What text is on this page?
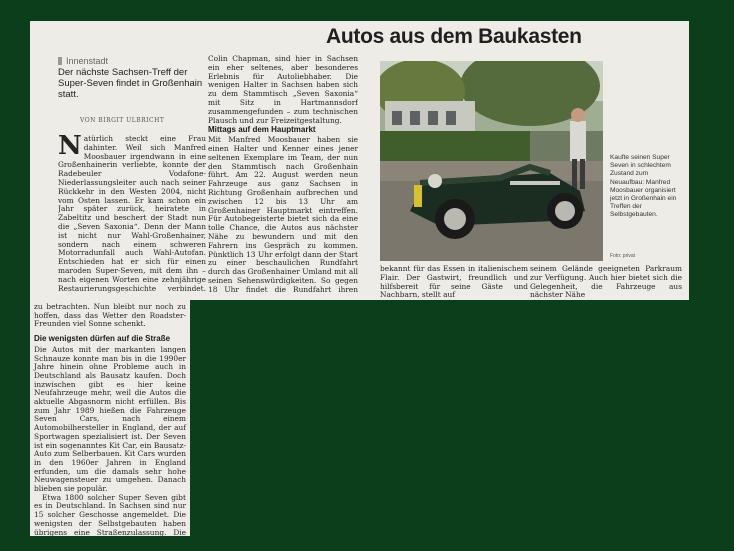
Autos aus dem Baukasten
Innenstadt
Der nächste Sachsen-Treff der Super-Seven findet in Großenhain statt.
VON BIRGIT ULBRICHT
Natürlich steckt eine Frau dahinter. Weil sich Manfred Moosbauer irgendwann in eine Großenhainerin verliebte, konnte der Radebeuler Vodafone-Niederlassungsleiter auch nach seiner Rückkehr in den Westen 2004, nicht vom Osten lassen. Er kam schon ein Jahr später zurück, heiratete in Zabeltitz und beschert der Stadt nun die „Seven Saxonia“. Denn der Mann ist nicht nur Wahl-Großenhainer, sondern nach einem schweren Motorradunfall auch Wahl-Autofan. Entschieden hat er sich für einen maroden Super-Seven, mit dem ihn – nach eigenen Worten eine zehnjährige Restaurierungsgeschichte verbindet.
Colin Chapman, sind hier in Sachsen ein eher seltenes, aber besonderes Erlebnis für Autoliebhaber. Die wenigen Halter in Sachsen haben sich zu dem Stammtisch „Seven Saxonia“ mit Sitz in Hartmannsdorf zusammengefunden – zum technischen Plausch und zur Freizeitgestaltung.
Mittags auf dem Hauptmarkt
Mit Manfred Moosbauer haben sie einen Halter und Kenner eines jener seltenen Exemplare im Team, der nun den Stammtisch nach Großenhain führt. Am 22. August werden neun Fahrzeuge aus ganz Sachsen in Richtung Großenhain aufbrechen und zwischen 12 bis 13 Uhr am Großenhainer Hauptmarkt eintreffen. Für Autobegeisterte bietet sich da eine tolle Chance, die Autos aus nächster Nähe zu bewundern und mit den Fahrern ins Gespräch zu kommen. Pünktlich 13 Uhr erfolgt dann der Start zu einer beschaulichen Rundfahrt durch das Großenhainer Umland mit all seinen Sehenswürdigkeiten. So gegen 18 Uhr findet die Rundfahrt ihren
Kaufte seinen Super Seven in schlechtem Zustand zum Neuaufbau: Manfred Moosbauer organisiert jetzt in Großenhain ein Treffen der Selbstgebauten.
Foto: privat
bekannt für das Essen in italienischem Flair. Der Gastwirt, freundlich und hilfsbereit für seine Gäste und Nachbarn, stellt auf
seinem Gelände geeigneten Parkraum zur Verfügung. Auch hier bietet sich die Gelegenheit, die Fahrzeuge aus nächster Nähe
zu betrachten. Nun bleibt nur noch zu hoffen, dass das Wetter den Roadster-Freunden viel Sonne schenkt.
Die wenigsten dürfen auf die Straße
Die Autos mit der markanten langen Schnauze konnte man bis in die 1990er Jahre hinein ohne Probleme auch in Deutschland als Bausatz kaufen. Doch inzwischen gibt es hier keine Neufahrzeuge mehr, weil die Autos die aktuelle Abgasnorm nicht erfüllen. Bis zum Jahr 1989 hießen die Fahrzeuge Seven Cars, nach einem Automobilhersteller in England, der auf Sportwagen spezialisiert ist. Der Seven ist ein sogenanntes Kit Car, ein Bausatz-Auto zum Selberbauen. Kit Cars wurden in den 1960er Jahren in England erfunden, um die damals sehr hohe Neuwagensteuer zu umgehen. Danach blieben sie populär.
Etwa 1800 solcher Super Seven gibt es in Deutschland. In Sachsen sind nur 15 solcher Geschosse angemeldet. Die wenigsten der Selbstgebauten haben übrigens eine Straßenzulassung. Die
